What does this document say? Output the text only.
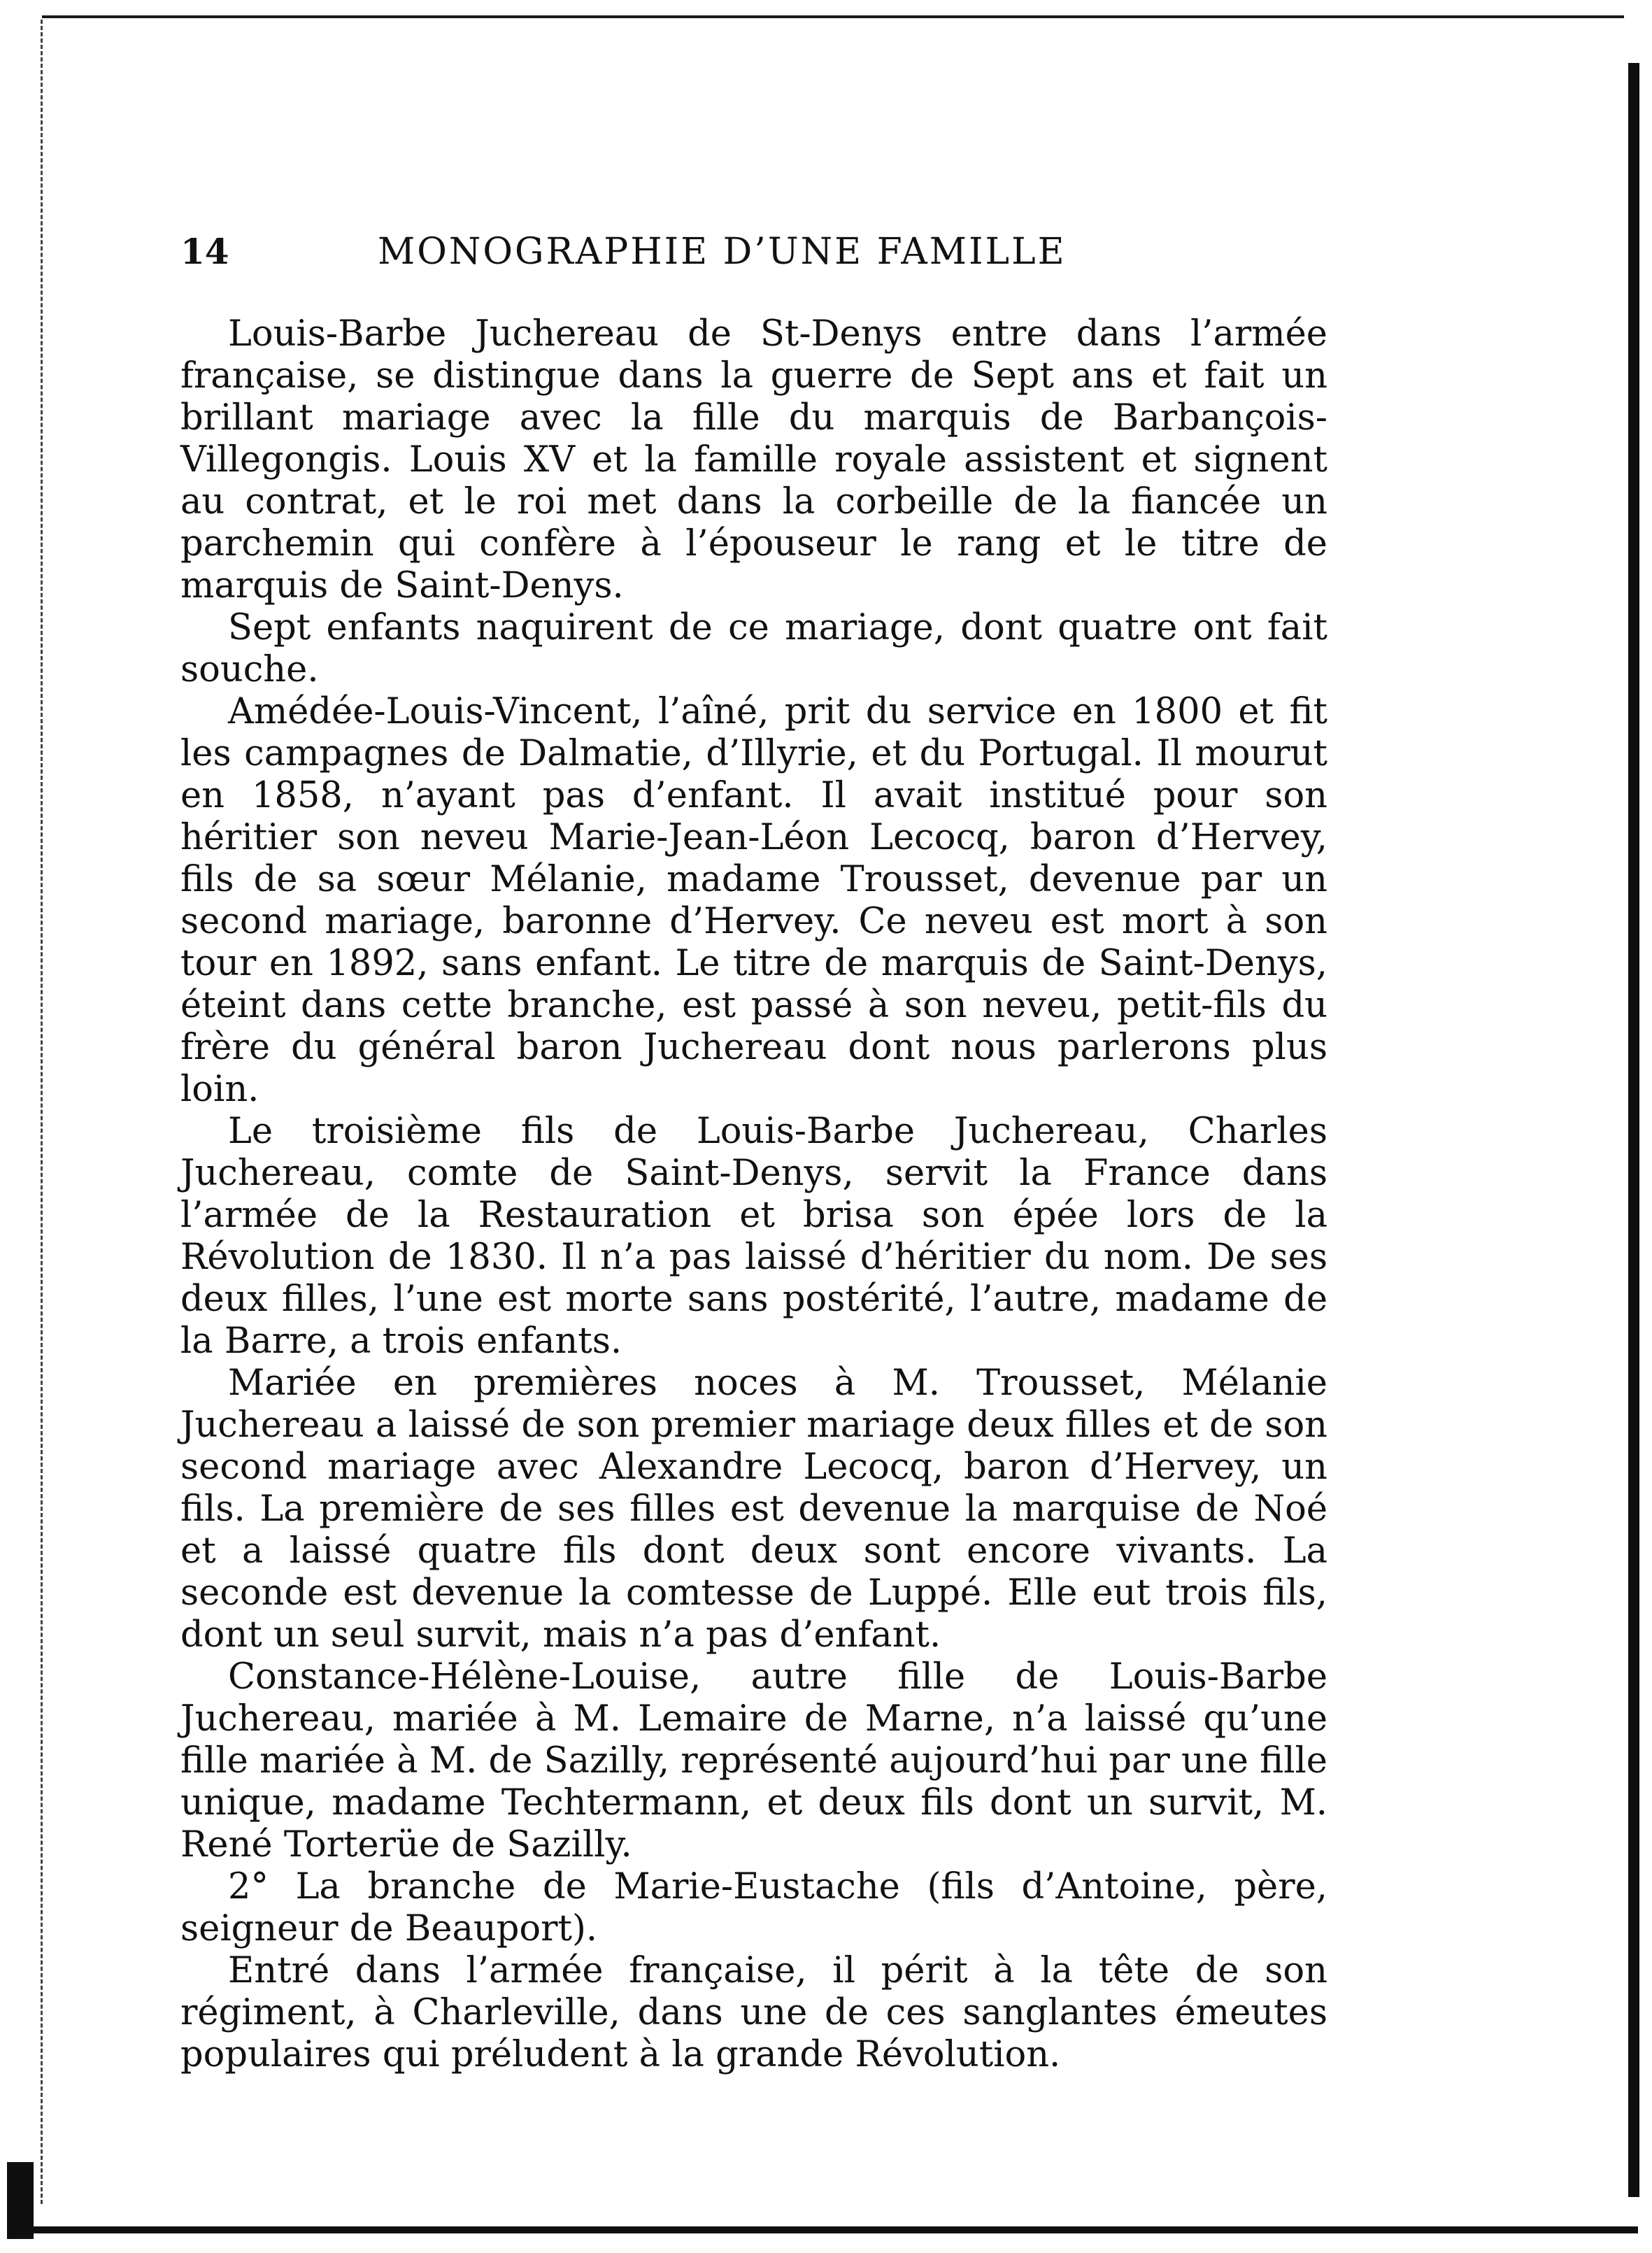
14	MONOGRAPHIE D’UNE FAMILLE

Louis-Barbe Juchereau de St-Denys entre dans l’armée française, se distingue dans la guerre de Sept ans et fait un brillant mariage avec la fille du marquis de Barbançois-Villegongis. Louis XV et la famille royale assistent et signent au contrat, et le roi met dans la corbeille de la fiancée un parchemin qui confère à l’épouseur le rang et le titre de marquis de Saint-Denys.

Sept enfants naquirent de ce mariage, dont quatre ont fait souche.

Amédée-Louis-Vincent, l’aîné, prit du service en 1800 et fit les campagnes de Dalmatie, d’Illyrie, et du Portugal. Il mourut en 1858, n’ayant pas d’enfant. Il avait institué pour son héritier son neveu Marie-Jean-Léon Lecocq, baron d’Hervey, fils de sa sœur Mélanie, madame Trousset, devenue par un second mariage, baronne d’Hervey. Ce neveu est mort à son tour en 1892, sans enfant. Le titre de marquis de Saint-Denys, éteint dans cette branche, est passé à son neveu, petit-fils du frère du général baron Juchereau dont nous parlerons plus loin.

Le troisième fils de Louis-Barbe Juchereau, Charles Juchereau, comte de Saint-Denys, servit la France dans l’armée de la Restauration et brisa son épée lors de la Révolution de 1830. Il n’a pas laissé d’héritier du nom. De ses deux filles, l’une est morte sans postérité, l’autre, madame de la Barre, a trois enfants.

Mariée en premières noces à M. Trousset, Mélanie Juchereau a laissé de son premier mariage deux filles et de son second mariage avec Alexandre Lecocq, baron d’Hervey, un fils. La première de ses filles est devenue la marquise de Noé et a laissé quatre fils dont deux sont encore vivants. La seconde est devenue la comtesse de Luppé. Elle eut trois fils, dont un seul survit, mais n’a pas d’enfant.

Constance-Hélène-Louise, autre fille de Louis-Barbe Juchereau, mariée à M. Lemaire de Marne, n’a laissé qu’une fille mariée à M. de Sazilly, représenté aujourd’hui par une fille unique, madame Techtermann, et deux fils dont un survit, M. René Torterüe de Sazilly.

2° La branche de Marie-Eustache (fils d’Antoine, père, seigneur de Beauport).

Entré dans l’armée française, il périt à la tête de son régiment, à Charleville, dans une de ces sanglantes émeutes populaires qui préludent à la grande Révolution.
